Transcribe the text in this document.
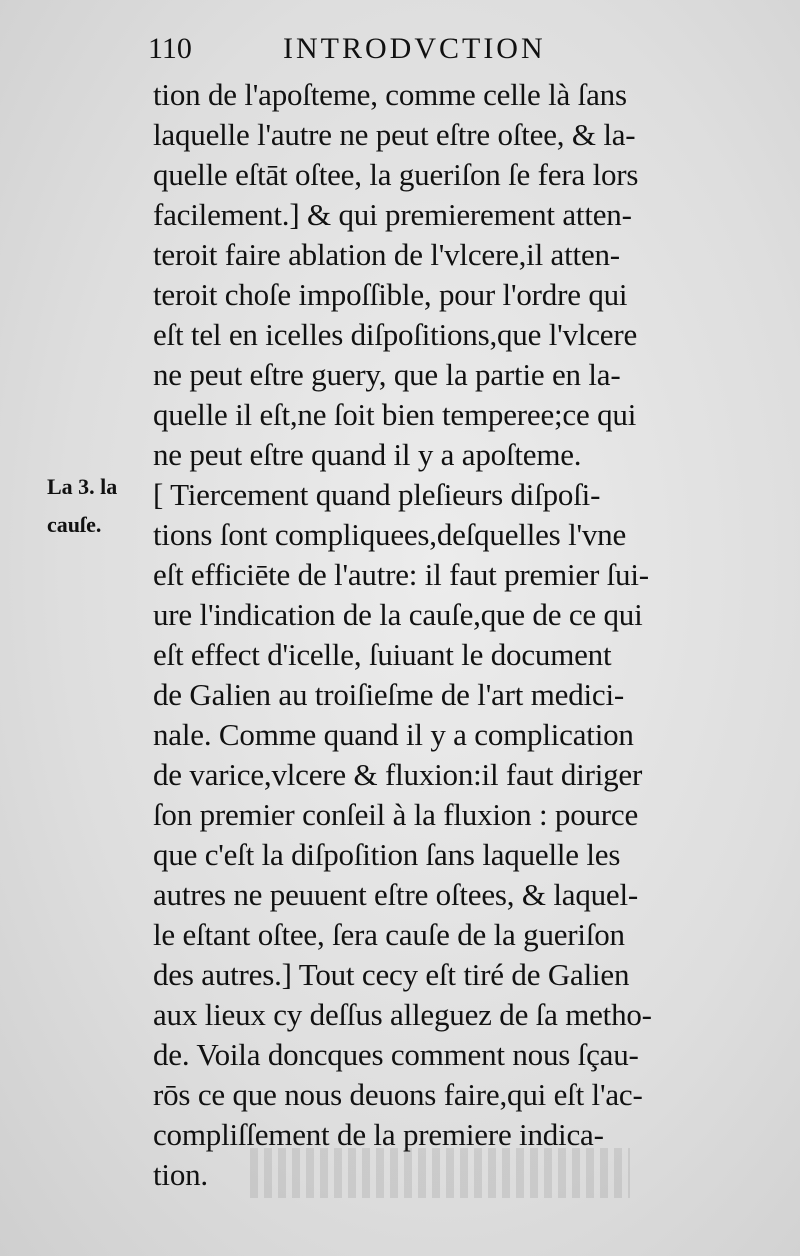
110	INTRODVCTION
La 3. la
cauſe.
tion de l'apoſteme, comme celle là ſans
laquelle l'autre ne peut eſtre oſtee, & la-
quelle eſtāt oſtee, la gueriſon ſe fera lors
facilement.] & qui premierement atten-
teroit faire ablation de l'vlcere,il atten-
teroit choſe impoſſible, pour l'ordre qui
eſt tel en icelles diſpoſitions,que l'vlcere
ne peut eſtre guery, que la partie en la-
quelle il eſt,ne ſoit bien temperee;ce qui
ne peut eſtre quand il y a apoſteme.
[ Tiercement quand pleſieurs diſpoſi-
tions ſont compliquees,deſquelles l'vne
eſt efficiēte de l'autre: il faut premier ſui-
ure l'indication de la cauſe,que de ce qui
eſt effect d'icelle, ſuiuant le document
de Galien au troiſieſme de l'art medici-
nale. Comme quand il y a complication
de varice,vlcere & fluxion:il faut diriger
ſon premier conſeil à la fluxion : pource
que c'eſt la diſpoſition ſans laquelle les
autres ne peuuent eſtre oſtees, & laquel-
le eſtant oſtee, ſera cauſe de la gueriſon
des autres.] Tout cecy eſt tiré de Galien
aux lieux cy deſſus alleguez de ſa metho-
de. Voila doncques comment nous ſçau-
rōs ce que nous deuons faire,qui eſt l'ac-
compliſſement de la premiere indica-
tion.
